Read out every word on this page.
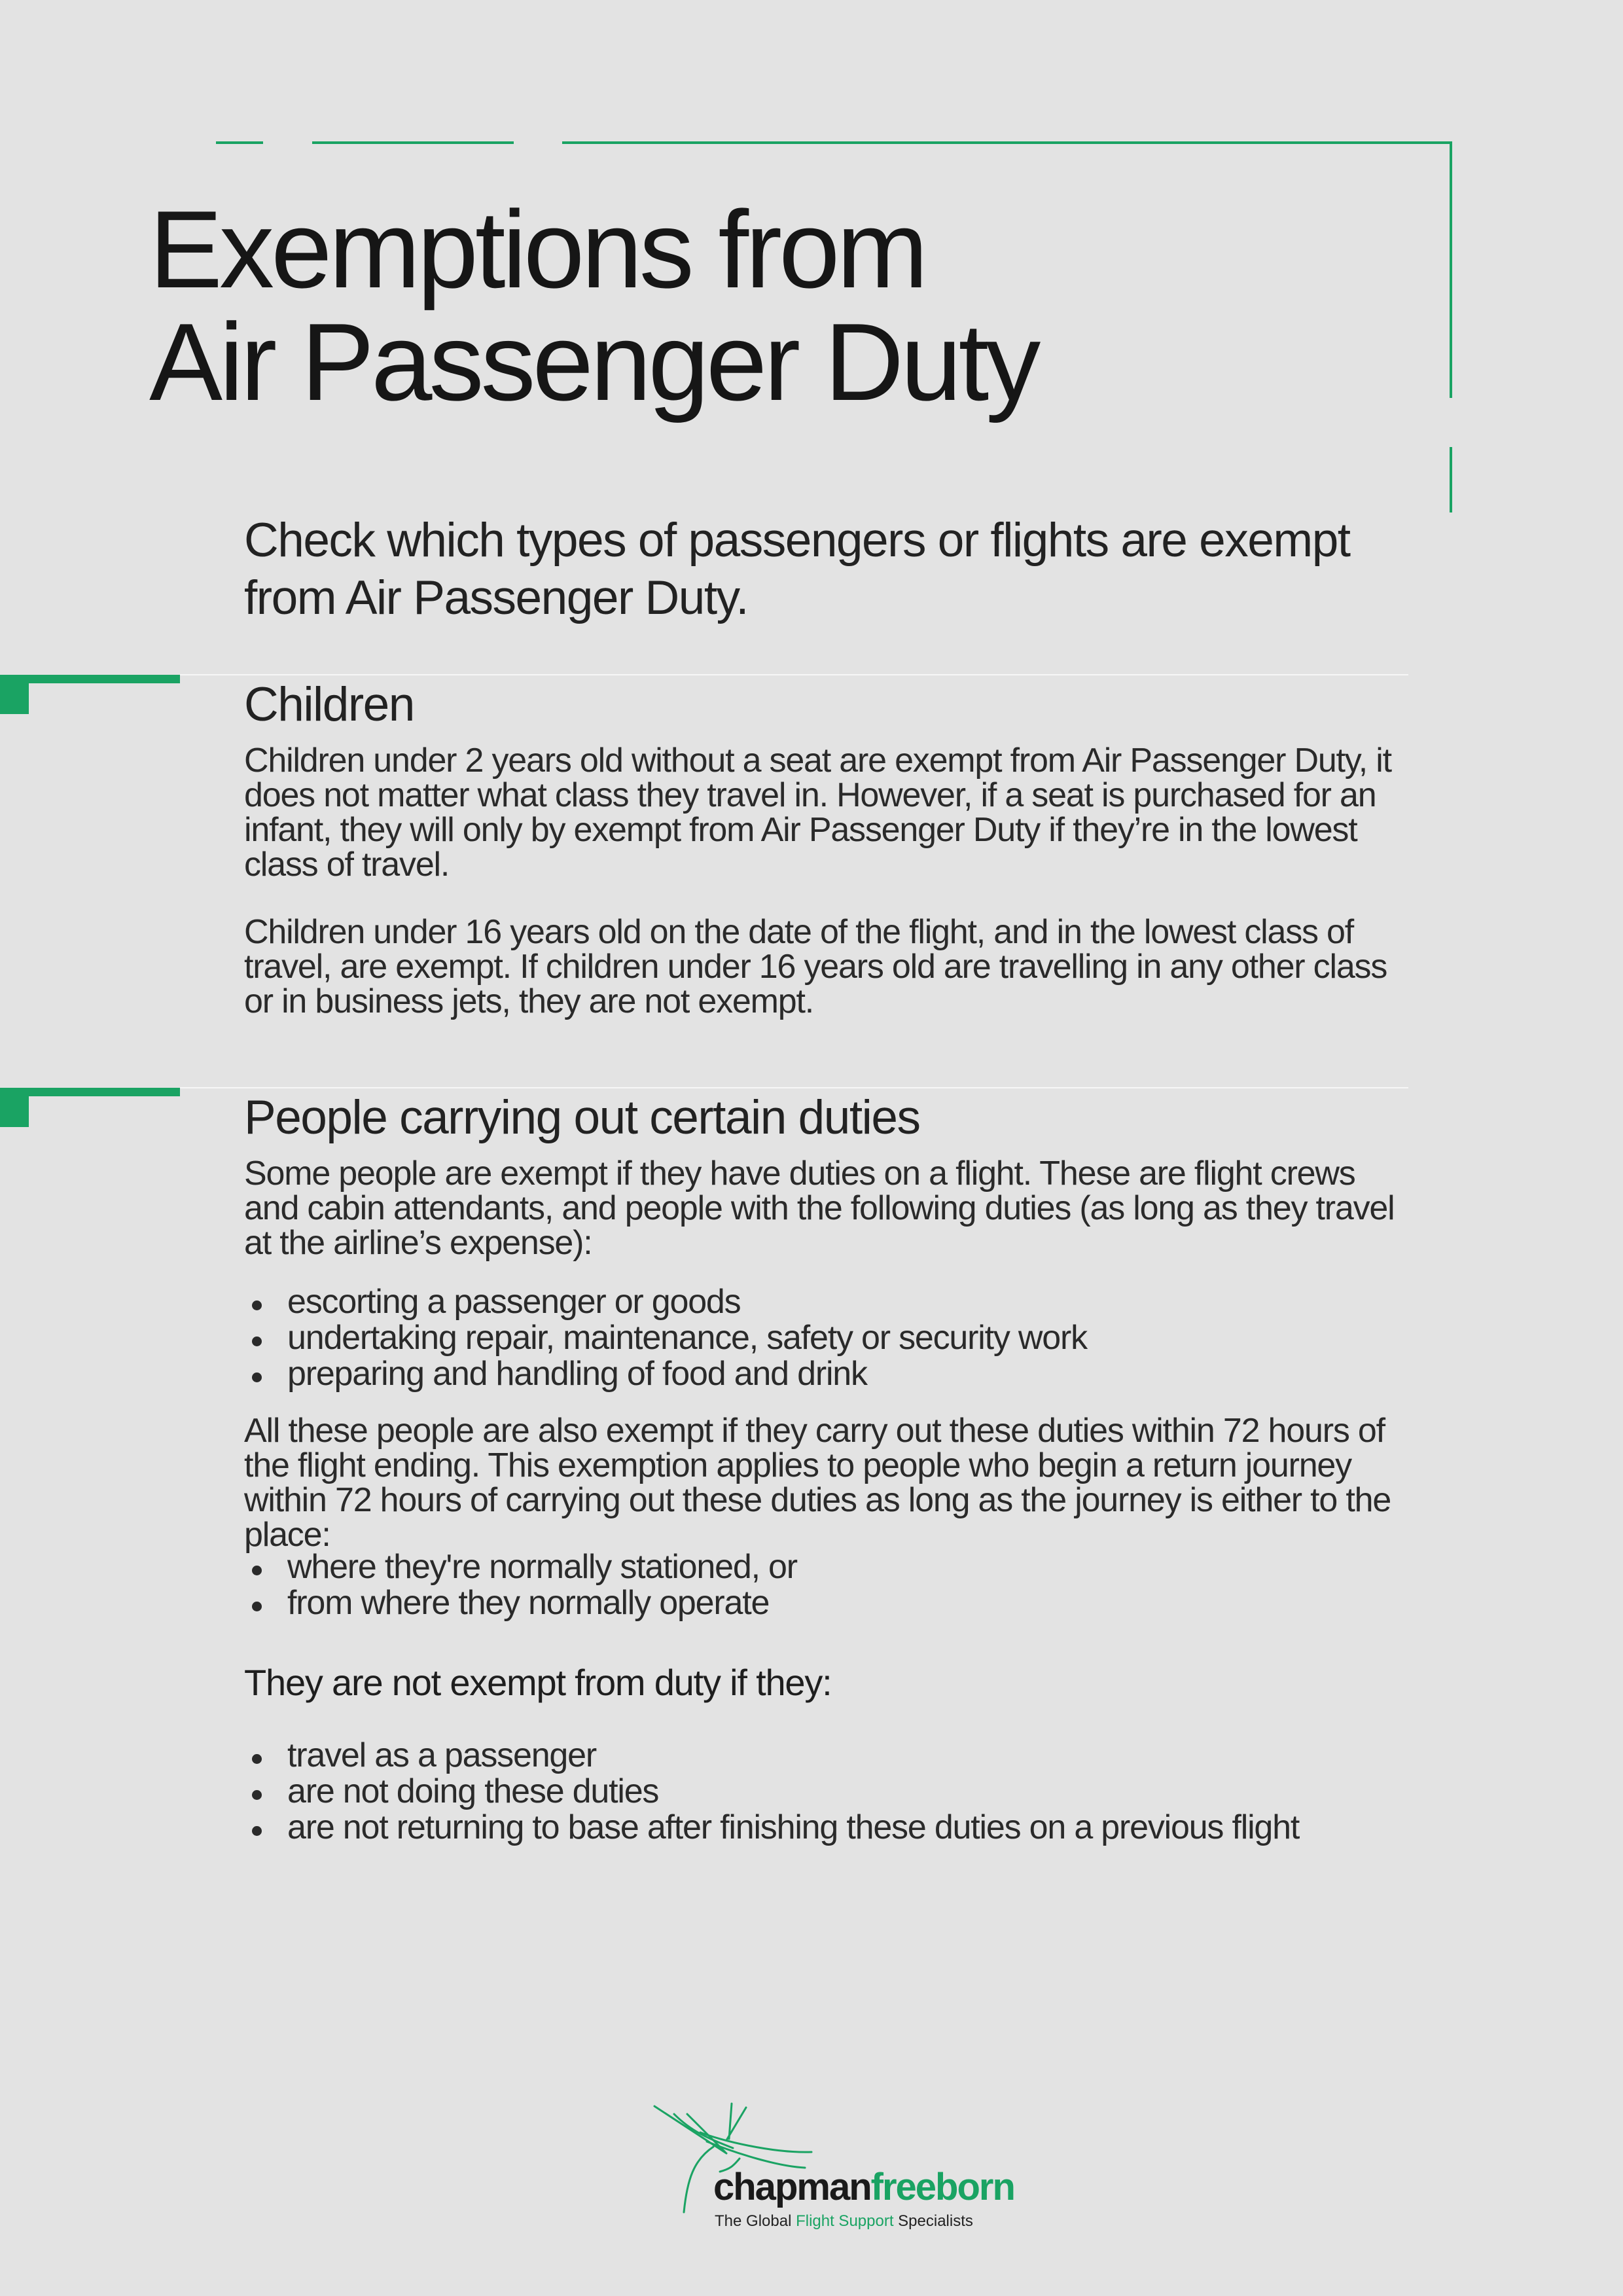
Exemptions from
Air Passenger Duty

Check which types of passengers or flights are exempt from Air Passenger Duty.

Children

Children under 2 years old without a seat are exempt from Air Passenger Duty, it does not matter what class they travel in. However, if a seat is purchased for an infant, they will only by exempt from Air Passenger Duty if they’re in the lowest class of travel.

Children under 16 years old on the date of the flight, and in the lowest class of travel, are exempt. If children under 16 years old are travelling in any other class or in business jets, they are not exempt.

People carrying out certain duties

Some people are exempt if they have duties on a flight. These are flight crews and cabin attendants, and people with the following duties (as long as they travel at the airline’s expense):

escorting a passenger or goods
undertaking repair, maintenance, safety or security work
preparing and handling of food and drink

All these people are also exempt if they carry out these duties within 72 hours of the flight ending. This exemption applies to people who begin a return journey within 72 hours of carrying out these duties as long as the journey is either to the place:

where they're normally stationed, or
from where they normally operate

They are not exempt from duty if they:

travel as a passenger
are not doing these duties
are not returning to base after finishing these duties on a previous flight
chapmanfreeborn
The Global Flight Support Specialists
